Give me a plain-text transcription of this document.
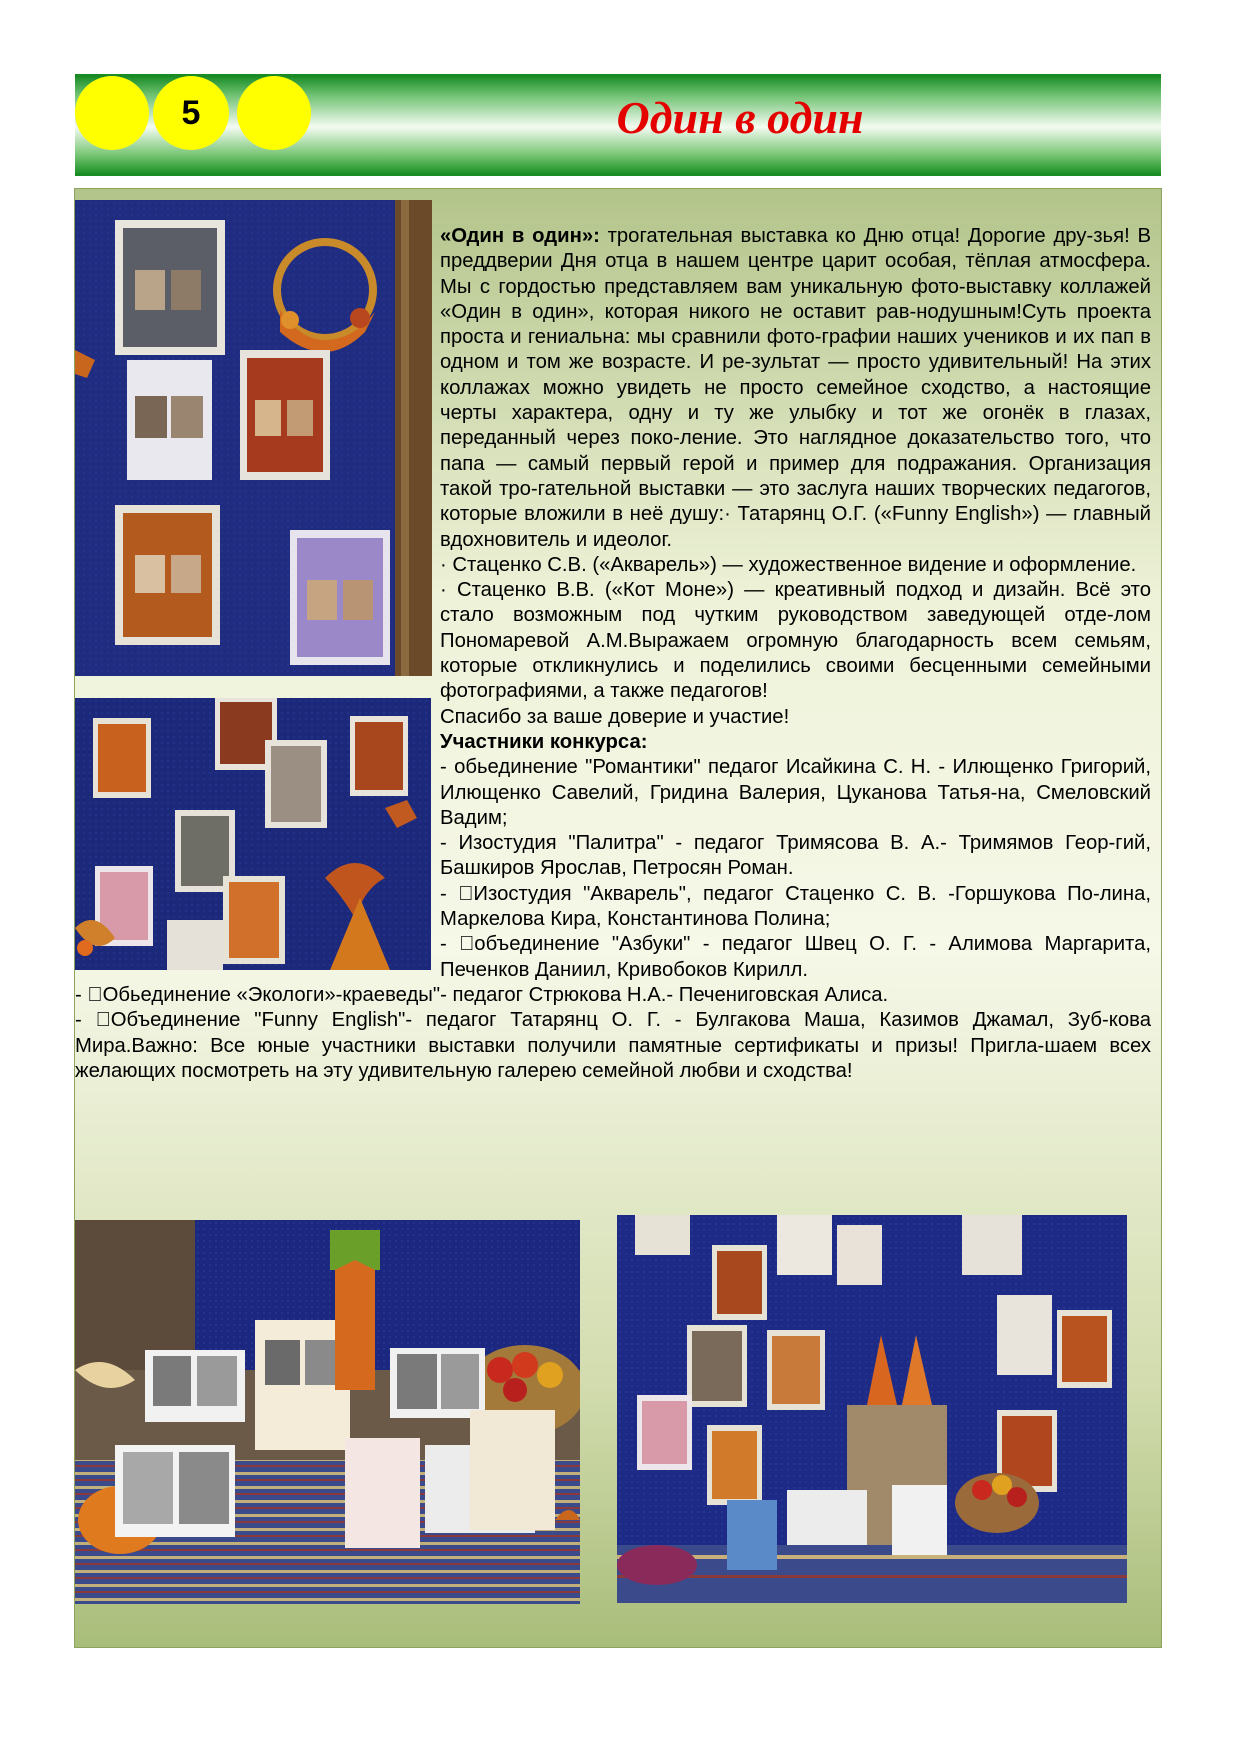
5	Один в один

«Один в один»: трогательная выставка ко Дню отца! Дорогие дру-зья! В преддверии Дня отца в нашем центре царит особая, тёплая атмосфера. Мы с гордостью представляем вам уникальную фото-выставку коллажей «Один в один», которая никого не оставит рав-нодушным!Суть проекта проста и гениальна: мы сравнили фото-графии наших учеников и их пап в одном и том же возрасте. И ре-зультат — просто удивительный! На этих коллажах можно увидеть не просто семейное сходство, а настоящие черты характера, одну и ту же улыбку и тот же огонёк в глазах, переданный через поко-ление. Это наглядное доказательство того, что папа — самый первый герой и пример для подражания. Организация такой тро-гательной выставки — это заслуга наших творческих педагогов, которые вложили в неё душу:· Татарянц О.Г. («Funny English») — главный вдохновитель и идеолог.

· Стаценко С.В. («Акварель») — художественное видение и оформление.

· Стаценко В.В. («Кот Моне») — креативный подход и дизайн. Всё это стало возможным под чутким руководством заведующей отде-лом Пономаревой А.М.Выражаем огромную благодарность всем семьям, которые откликнулись и поделились своими бесценными семейными фотографиями, а также педагогов!

Спасибо за ваше доверие и участие!

Участники конкурса:

- обьединение "Романтики" педагог Исайкина С. Н. - Илющенко Григорий, Илющенко Савелий, Гридина Валерия, Цуканова Татья-на, Смеловский Вадим;

- Изостудия "Палитра" - педагог Тримясова В. А.- Тримямов Геор-гий, Башкиров Ярослав, Петросян Роман.

-  Изостудия "Акварель", педагог Стаценко С. В. -Горшукова По-лина, Маркелова Кира, Константинова Полина;

-  объединение "Азбуки" - педагог Швец О. Г. - Алимова Маргарита, Печенков Даниил, Кривобоков Кирилл.

-  Обьединение «Экологи»-краеведы"- педагог Стрюкова Н.А.- Печениговская Алиса.

-  Объединение "Funny English"- педагог Татарянц О. Г. - Булгакова Маша, Казимов Джамал, Зуб-кова Мира.Важно: Все юные участники выставки получили памятные сертификаты и призы! Пригла-шаем всех желающих посмотреть на эту удивительную галерею семейной любви и сходства!
